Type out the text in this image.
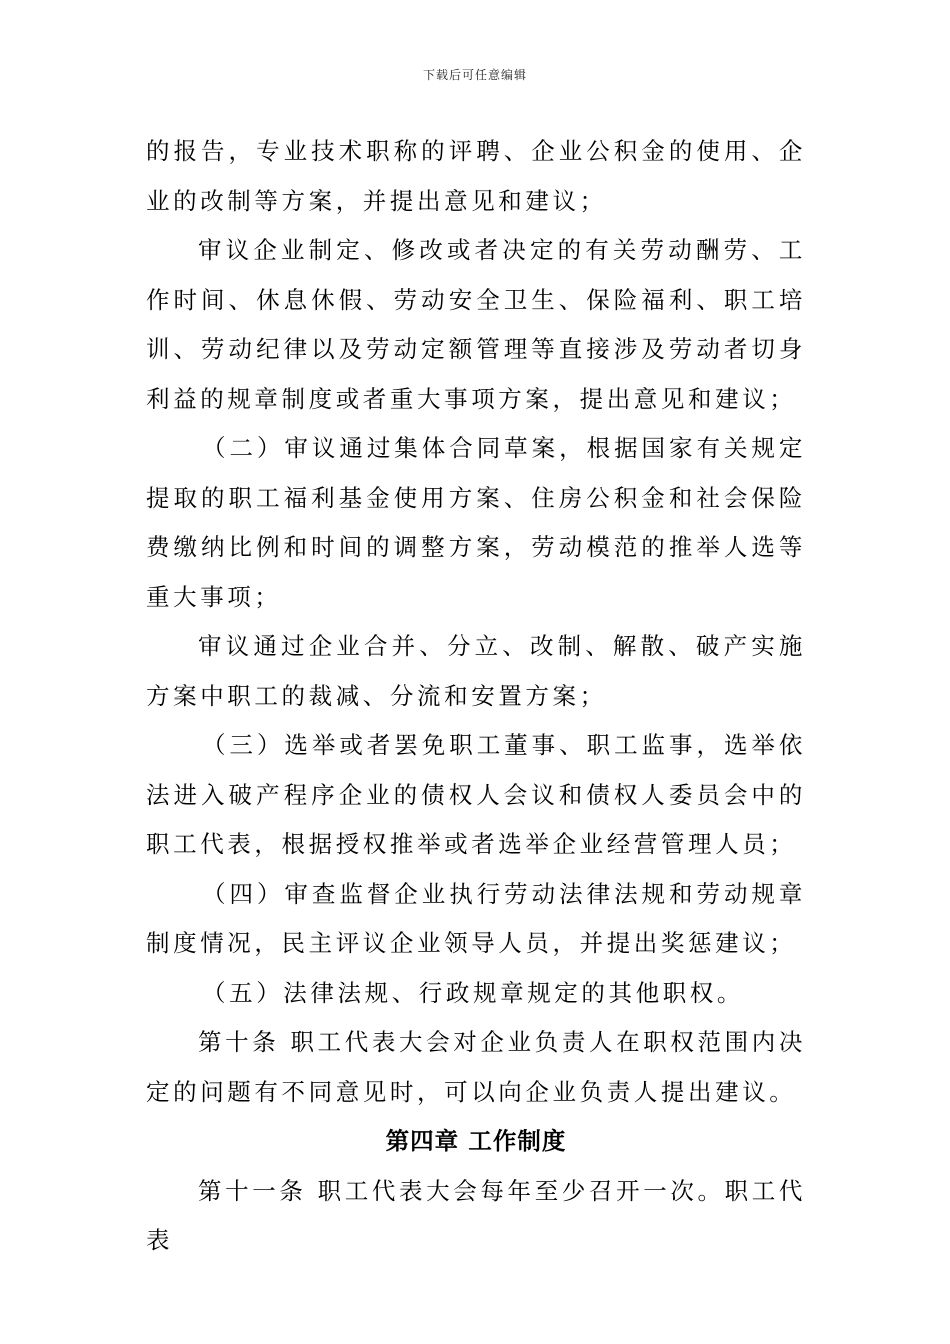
下载后可任意编辑

的报告，专业技术职称的评聘、企业公积金的使用、企业的改制等方案，并提出意见和建议；

审议企业制定、修改或者决定的有关劳动酬劳、工作时间、休息休假、劳动安全卫生、保险福利、职工培训、劳动纪律以及劳动定额管理等直接涉及劳动者切身利益的规章制度或者重大事项方案，提出意见和建议；

（二）审议通过集体合同草案，根据国家有关规定提取的职工福利基金使用方案、住房公积金和社会保险费缴纳比例和时间的调整方案，劳动模范的推举人选等重大事项；

审议通过企业合并、分立、改制、解散、破产实施方案中职工的裁减、分流和安置方案；

（三）选举或者罢免职工董事、职工监事，选举依法进入破产程序企业的债权人会议和债权人委员会中的职工代表，根据授权推举或者选举企业经营管理人员；

（四）审查监督企业执行劳动法律法规和劳动规章制度情况，民主评议企业领导人员，并提出奖惩建议；

（五）法律法规、行政规章规定的其他职权。

第十条 职工代表大会对企业负责人在职权范围内决定的问题有不同意见时，可以向企业负责人提出建议。

第四章 工作制度

第十一条 职工代表大会每年至少召开一次。职工代表
